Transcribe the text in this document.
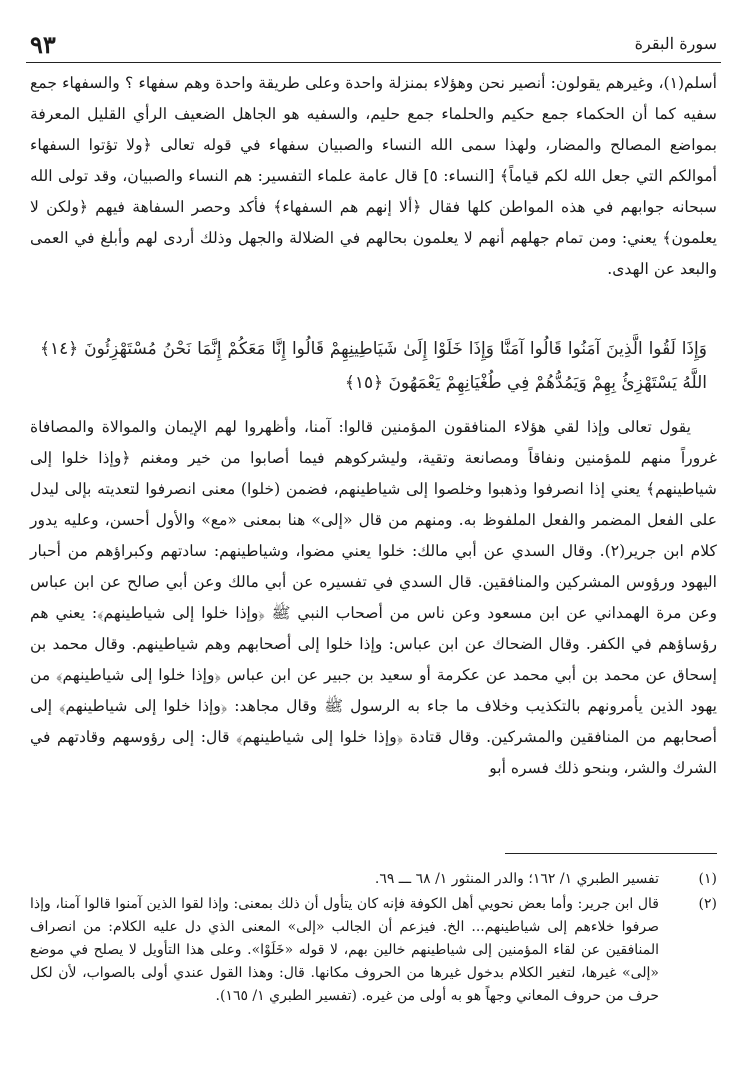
سورة البقرة
٩٣
أسلم(١)، وغيرهم يقولون: أنصير نحن وهؤلاء بمنزلة واحدة وعلى طريقة واحدة وهم سفهاء ؟ والسفهاء جمع سفيه كما أن الحكماء جمع حكيم والحلماء جمع حليم، والسفيه هو الجاهل الضعيف الرأي القليل المعرفة بمواضع المصالح والمضار، ولهذا سمى الله النساء والصبيان سفهاء في قوله تعالى ﴿ولا تؤتوا السفهاء أموالكم التي جعل الله لكم قياماً﴾ [النساء: ٥] قال عامة علماء التفسير: هم النساء والصبيان، وقد تولى الله سبحانه جوابهم في هذه المواطن كلها فقال ﴿ألا إنهم هم السفهاء﴾ فأكد وحصر السفاهة فيهم ﴿ولكن لا يعلمون﴾ يعني: ومن تمام جهلهم أنهم لا يعلمون بحالهم في الضلالة والجهل وذلك أردى لهم وأبلغ في العمى والبعد عن الهدى.
وَإِذَا لَقُوا الَّذِينَ آمَنُوا قَالُوا آمَنَّا وَإِذَا خَلَوْا إِلَىٰ شَيَاطِينِهِمْ قَالُوا إِنَّا مَعَكُمْ إِنَّمَا نَحْنُ مُسْتَهْزِئُونَ ﴿١٤﴾ اللَّهُ يَسْتَهْزِئُ بِهِمْ وَيَمُدُّهُمْ فِي طُغْيَانِهِمْ يَعْمَهُونَ ﴿١٥﴾
يقول تعالى وإذا لقي هؤلاء المنافقون المؤمنين قالوا: آمنا، وأظهروا لهم الإيمان والموالاة والمصافاة غروراً منهم للمؤمنين ونفاقاً ومصانعة وتقية، وليشركوهم فيما أصابوا من خير ومغنم ﴿وإذا خلوا إلى شياطينهم﴾ يعني إذا انصرفوا وذهبوا وخلصوا إلى شياطينهم، فضمن (خلوا) معنى انصرفوا لتعديته بإلى ليدل على الفعل المضمر والفعل الملفوظ به. ومنهم من قال «إلى» هنا بمعنى «مع» والأول أحسن، وعليه يدور كلام ابن جرير(٢). وقال السدي عن أبي مالك: خلوا يعني مضوا، وشياطينهم: سادتهم وكبراؤهم من أحبار اليهود ورؤوس المشركين والمنافقين. قال السدي في تفسيره عن أبي مالك وعن أبي صالح عن ابن عباس وعن مرة الهمداني عن ابن مسعود وعن ناس من أصحاب النبي ﷺ ﴿وإذا خلوا إلى شياطينهم﴾: يعني هم رؤساؤهم في الكفر. وقال الضحاك عن ابن عباس: وإذا خلوا إلى أصحابهم وهم شياطينهم. وقال محمد بن إسحاق عن محمد بن أبي محمد عن عكرمة أو سعيد بن جبير عن ابن عباس ﴿وإذا خلوا إلى شياطينهم﴾ من يهود الذين يأمرونهم بالتكذيب وخلاف ما جاء به الرسول ﷺ وقال مجاهد: ﴿وإذا خلوا إلى شياطينهم﴾ إلى أصحابهم من المنافقين والمشركين. وقال قتادة ﴿وإذا خلوا إلى شياطينهم﴾ قال: إلى رؤوسهم وقادتهم في الشرك والشر، وبنحو ذلك فسره أبو
(١)
تفسير الطبري ١/ ١٦٢؛ والدر المنثور ١/ ٦٨ ـــ ٦٩.
(٢)
قال ابن جرير: وأما بعض نحويي أهل الكوفة فإنه كان يتأول أن ذلك بمعنى: وإذا لقوا الذين آمنوا قالوا آمنا، وإذا صرفوا خلاءهم إلى شياطينهم... الخ. فيزعم أن الجالب «إلى» المعنى الذي دل عليه الكلام: من انصراف المنافقين عن لقاء المؤمنين إلى شياطينهم خالين بهم، لا قوله «خَلَوْا». وعلى هذا التأويل لا يصلح في موضع «إلى» غيرها، لتغير الكلام بدخول غيرها من الحروف مكانها. قال: وهذا القول عندي أولى بالصواب، لأن لكل حرف من حروف المعاني وجهاً هو به أولى من غيره. (تفسير الطبري ١/ ١٦٥).
